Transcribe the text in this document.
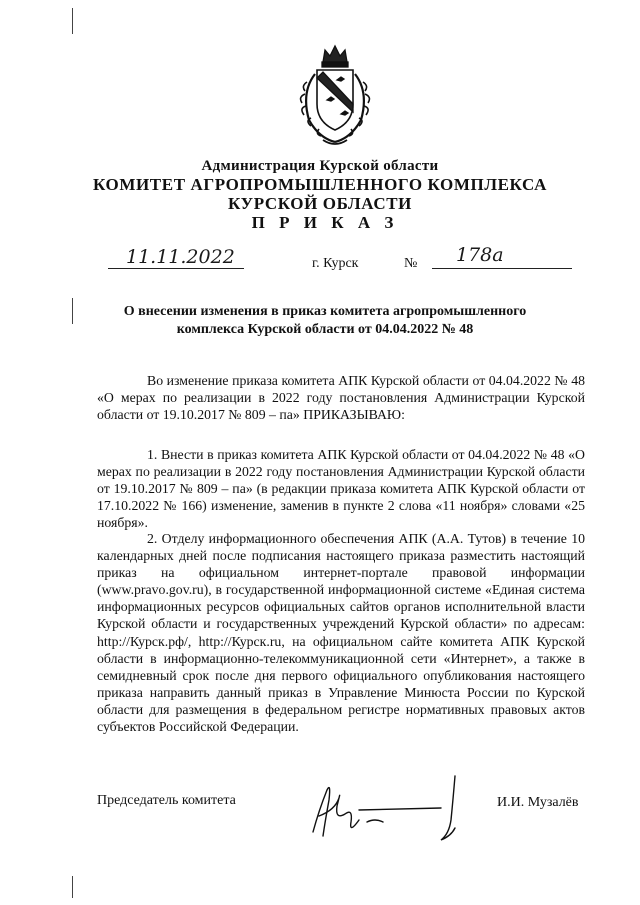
Администрация Курской области
КОМИТЕТ АГРОПРОМЫШЛЕННОГО КОМПЛЕКСА
КУРСКОЙ ОБЛАСТИ
П Р И К А З
11.11.2022	г. Курск	№ 178а
О внесении изменения в приказ комитета агропромышленного комплекса Курской области от 04.04.2022 № 48
Во изменение приказа комитета АПК Курской области от 04.04.2022 № 48 «О мерах по реализации в 2022 году постановления Администрации Курской области от 19.10.2017 № 809 – па» ПРИКАЗЫВАЮ:
1. Внести в приказ комитета АПК Курской области от 04.04.2022 № 48 «О мерах по реализации в 2022 году постановления Администрации Курской области от 19.10.2017 № 809 – па» (в редакции приказа комитета АПК Курской области от 17.10.2022 № 166) изменение, заменив в пункте 2 слова «11 ноября» словами «25 ноября».
2. Отделу информационного обеспечения АПК (А.А. Тутов) в течение 10 календарных дней после подписания настоящего приказа разместить настоящий приказ на официальном интернет-портале правовой информации (www.pravo.gov.ru), в государственной информационной системе «Единая система информационных ресурсов официальных сайтов органов исполнительной власти Курской области и государственных учреждений Курской области» по адресам: http://Курск.рф/, http://Курск.ru, на официальном сайте комитета АПК Курской области в информационно-телекоммуникационной сети «Интернет», а также в семидневный срок после дня первого официального опубликования настоящего приказа направить данный приказ в Управление Минюста России по Курской области для размещения в федеральном регистре нормативных правовых актов субъектов Российской Федерации.
Председатель комитета	И.И. Музалёв
